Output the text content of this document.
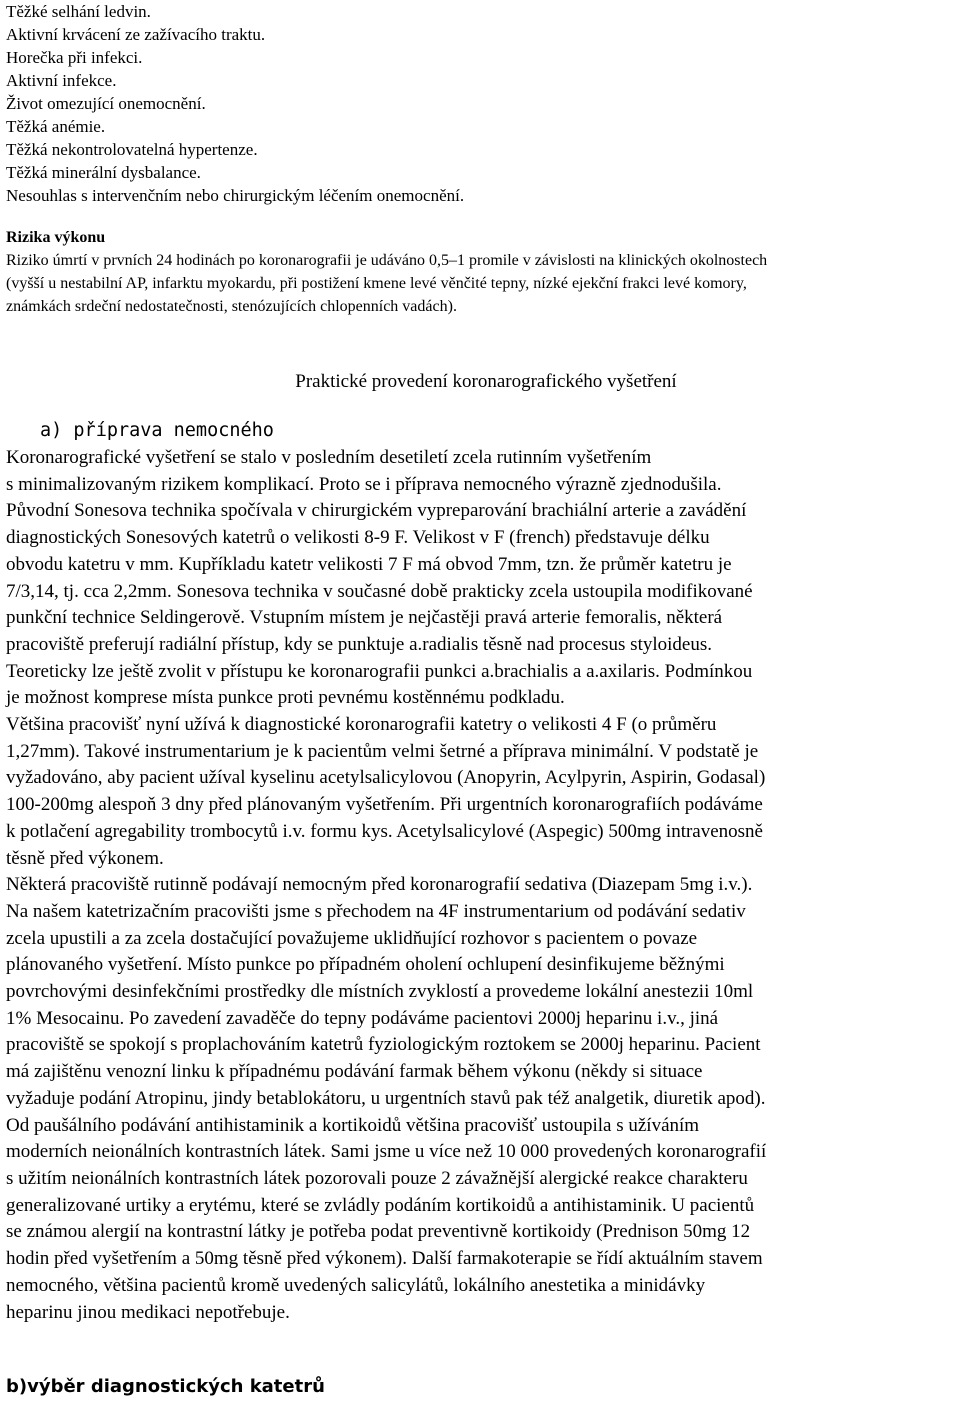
Těžké selhání ledvin.
Aktivní krvácení ze zažívacího traktu.
Horečka při infekci.
Aktivní infekce.
Život omezující onemocnění.
Těžká anémie.
Těžká nekontrolovatelná hypertenze.
Těžká minerální dysbalance.
Nesouhlas s intervenčním nebo chirurgickým léčením onemocnění.
Rizika výkonu

Riziko úmrtí v prvních 24 hodinách po koronarografii je udáváno 0,5–1 promile v závislosti na klinických okolnostech
(vyšší u nestabilní AP, infarktu myokardu, při postižení kmene levé věnčité tepny, nízké ejekční frakci levé komory,
známkách srdeční nedostatečnosti, stenózujících chlopenních vadách).

Praktické provedení koronarografického vyšetření
a) příprava nemocného

Koronarografické vyšetření se stalo v posledním desetiletí zcela rutinním vyšetřením
s minimalizovaným rizikem komplikací. Proto se i příprava nemocného výrazně zjednodušila.
Původní Sonesova technika spočívala v chirurgickém vypreparování brachiální arterie a zavádění
diagnostických Sonesových katetrů o velikosti 8-9 F. Velikost v F (french) představuje délku
obvodu katetru v mm. Kupříkladu katetr velikosti 7 F má obvod 7mm, tzn. že průměr katetru je
7/3,14, tj. cca 2,2mm. Sonesova technika v současné době prakticky zcela ustoupila modifikované
punkční technice Seldingerově. Vstupním místem je nejčastěji pravá arterie femoralis, některá
pracoviště preferují radiální přístup, kdy se punktuje a.radialis těsně nad procesus styloideus.
Teoreticky lze ještě zvolit v přístupu ke koronarografii punkci a.brachialis a a.axilaris. Podmínkou
je možnost komprese místa punkce proti pevnému kostěnnému podkladu.
Většina pracovišť nyní užívá k diagnostické koronarografii katetry o velikosti 4 F (o průměru
1,27mm). Takové instrumentarium je k pacientům velmi šetrné a příprava minimální. V podstatě je
vyžadováno, aby pacient užíval kyselinu acetylsalicylovou (Anopyrin, Acylpyrin, Aspirin, Godasal)
100-200mg alespoň 3 dny před plánovaným vyšetřením. Při urgentních koronarografiích podáváme
k potlačení agregability trombocytů i.v. formu kys. Acetylsalicylové (Aspegic) 500mg intravenosně
těsně před výkonem.
Některá pracoviště rutinně podávají nemocným před koronarografií sedativa (Diazepam 5mg i.v.).
Na našem katetrizačním pracovišti jsme s přechodem na 4F instrumentarium od podávání sedativ
zcela upustili a za zcela dostačující považujeme uklidňující rozhovor s pacientem o povaze
plánovaného vyšetření. Místo punkce po případném oholení ochlupení desinfikujeme běžnými
povrchovými desinfekčními prostředky dle místních zvyklostí a provedeme lokální anestezii 10ml
1% Mesocainu. Po zavedení zavaděče do tepny podáváme pacientovi 2000j heparinu i.v., jiná
pracoviště se spokojí s proplachováním katetrů fyziologickým roztokem se 2000j heparinu. Pacient
má zajištěnu venozní linku k případnému podávání farmak během výkonu (někdy si situace
vyžaduje podání Atropinu, jindy betablokátoru, u urgentních stavů pak též analgetik, diuretik apod).
Od paušálního podávání antihistaminik a kortikoidů většina pracovišť ustoupila s užíváním
moderních neionálních kontrastních látek. Sami jsme u více než 10 000 provedených koronarografií
s užitím neionálních kontrastních látek pozorovali pouze 2 závažnější alergické reakce charakteru
generalizované urtiky a erytému, které se zvládly podáním kortikoidů a antihistaminik. U pacientů
se známou alergií na kontrastní látky je potřeba podat preventivně kortikoidy (Prednison 50mg 12
hodin před vyšetřením a 50mg těsně před výkonem). Další farmakoterapie se řídí aktuálním stavem
nemocného, většina pacientů kromě uvedených salicylátů, lokálního anestetika a minidávky
heparinu jinou medikaci nepotřebuje.

b)výběr diagnostických katetrů
